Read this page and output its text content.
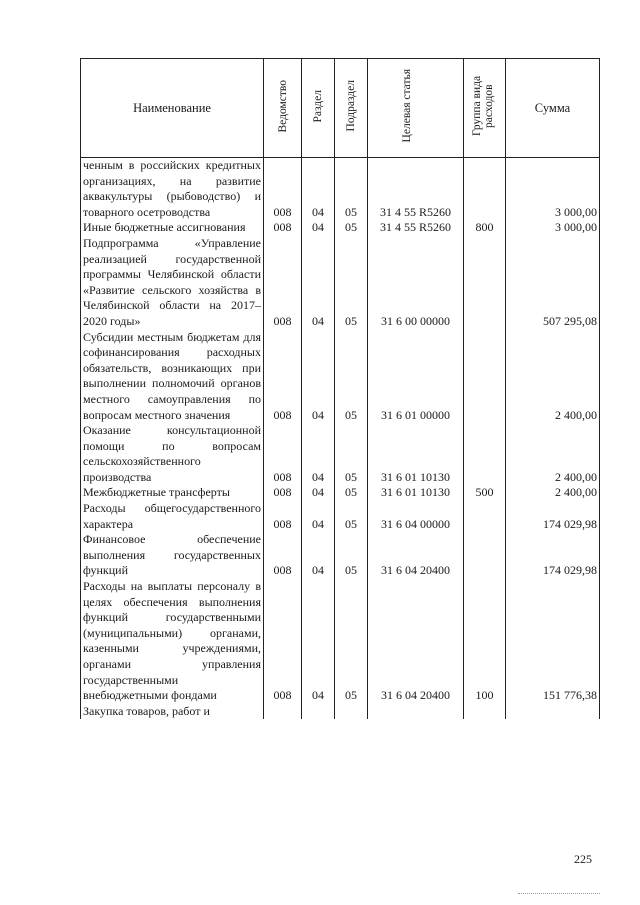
Наименование	Ведомство	Раздел	Подраздел	Целевая статья	Группа вида расходов	Сумма
ченным в российских кредитных организациях, на развитие аквакультуры (рыбоводство) и товарного осетроводства	008	04	05	31 4 55 R5260		3 000,00
Иные бюджетные ассигнования	008	04	05	31 4 55 R5260	800	3 000,00
Подпрограмма «Управление реализацией государственной программы Челябинской области «Развитие сельского хозяйства в Челябинской области на 2017–2020 годы»	008	04	05	31 6 00 00000		507 295,08
Субсидии местным бюджетам для софинансирования расходных обязательств, возникающих при выполнении полномочий органов местного самоуправления по вопросам местного значения	008	04	05	31 6 01 00000		2 400,00
Оказание консультационной помощи по вопросам сельскохозяйственного производства	008	04	05	31 6 01 10130		2 400,00
Межбюджетные трансферты	008	04	05	31 6 01 10130	500	2 400,00
Расходы общегосударственного характера	008	04	05	31 6 04 00000		174 029,98
Финансовое обеспечение выполнения государственных функций	008	04	05	31 6 04 20400		174 029,98
Расходы на выплаты персоналу в целях обеспечения выполнения функций государственными (муниципальными) органами, казенными учреждениями, органами управления государственными внебюджетными фондами	008	04	05	31 6 04 20400	100	151 776,38
Закупка товаров, работ и						
225
